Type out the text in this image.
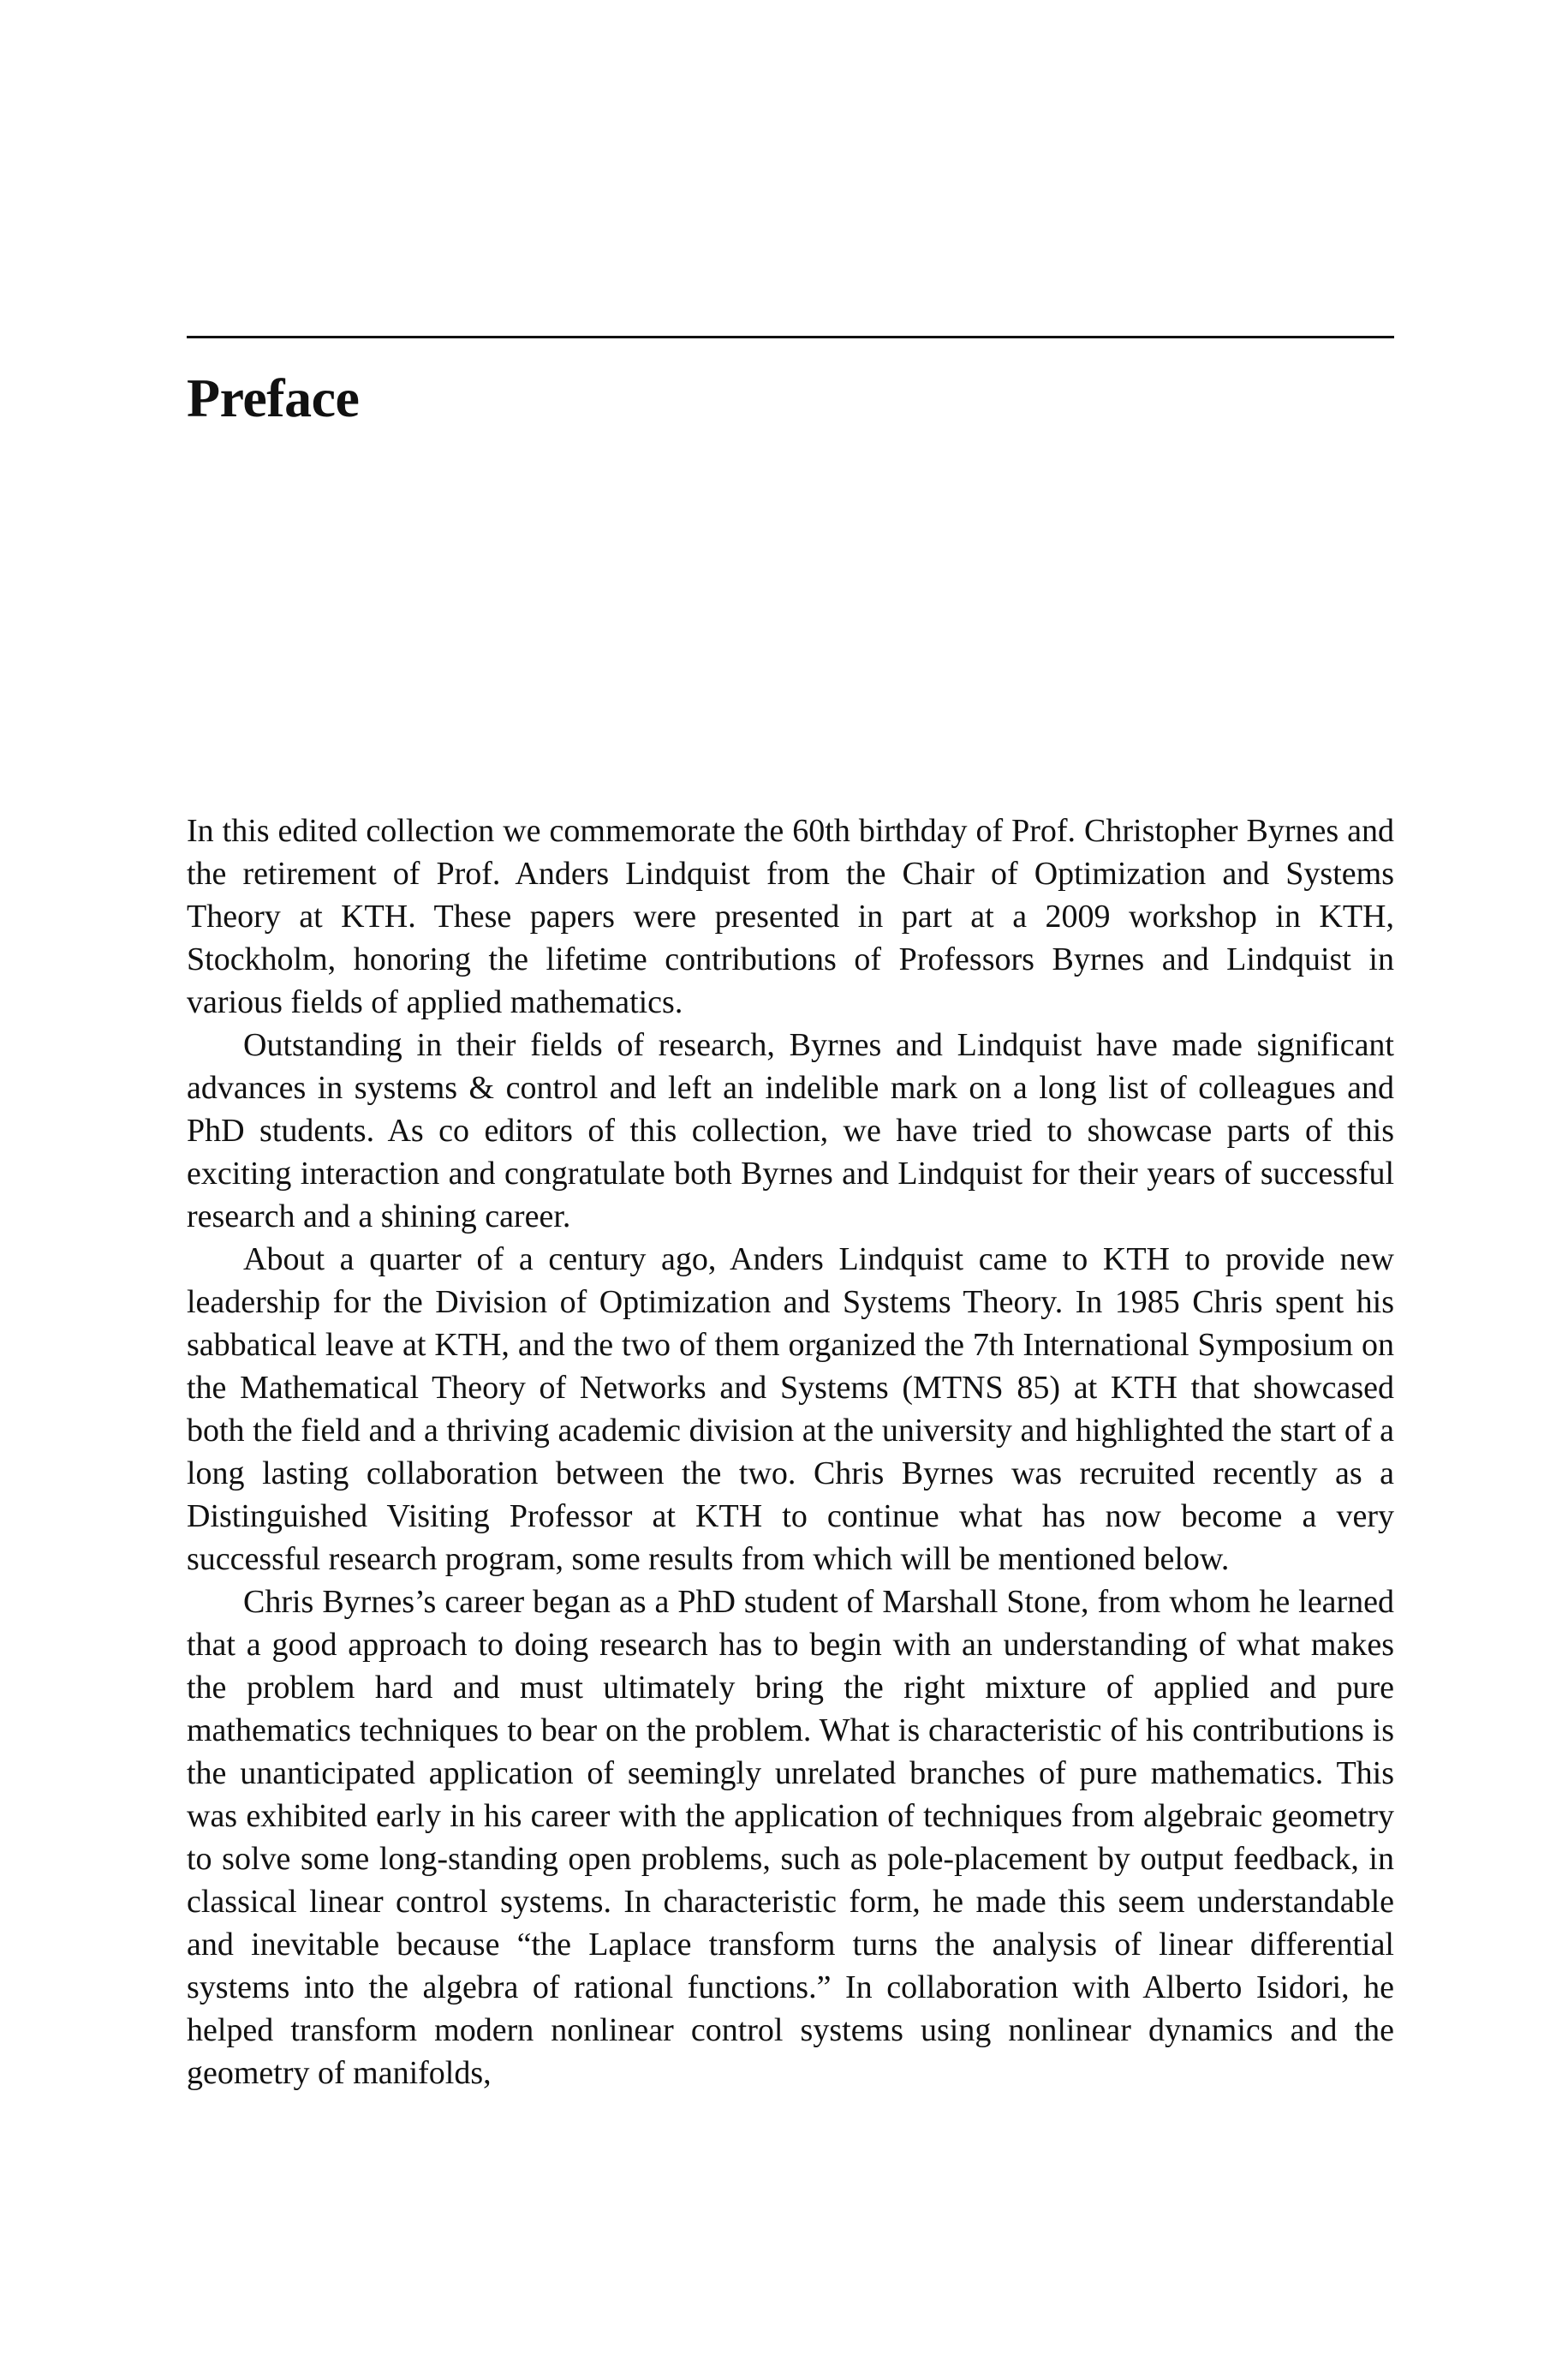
Preface

In this edited collection we commemorate the 60th birthday of Prof. Christopher Byrnes and the retirement of Prof. Anders Lindquist from the Chair of Optimization and Systems Theory at KTH. These papers were presented in part at a 2009 workshop in KTH, Stockholm, honoring the lifetime contributions of Professors Byrnes and Lindquist in various fields of applied mathematics.

Outstanding in their fields of research, Byrnes and Lindquist have made significant advances in systems & control and left an indelible mark on a long list of colleagues and PhD students. As co editors of this collection, we have tried to showcase parts of this exciting interaction and congratulate both Byrnes and Lindquist for their years of successful research and a shining career.

About a quarter of a century ago, Anders Lindquist came to KTH to provide new leadership for the Division of Optimization and Systems Theory. In 1985 Chris spent his sabbatical leave at KTH, and the two of them organized the 7th International Symposium on the Mathematical Theory of Networks and Systems (MTNS 85) at KTH that showcased both the field and a thriving academic division at the university and highlighted the start of a long lasting collaboration between the two. Chris Byrnes was recruited recently as a Distinguished Visiting Professor at KTH to continue what has now become a very successful research program, some results from which will be mentioned below.

Chris Byrnes’s career began as a PhD student of Marshall Stone, from whom he learned that a good approach to doing research has to begin with an understanding of what makes the problem hard and must ultimately bring the right mixture of applied and pure mathematics techniques to bear on the problem. What is characteristic of his contributions is the unanticipated application of seemingly unrelated branches of pure mathematics. This was exhibited early in his career with the application of techniques from algebraic geometry to solve some long-standing open problems, such as pole-placement by output feedback, in classical linear control systems. In characteristic form, he made this seem understandable and inevitable because “the Laplace transform turns the analysis of linear differential systems into the algebra of rational functions.” In collaboration with Alberto Isidori, he helped transform modern nonlinear control systems using nonlinear dynamics and the geometry of manifolds,
